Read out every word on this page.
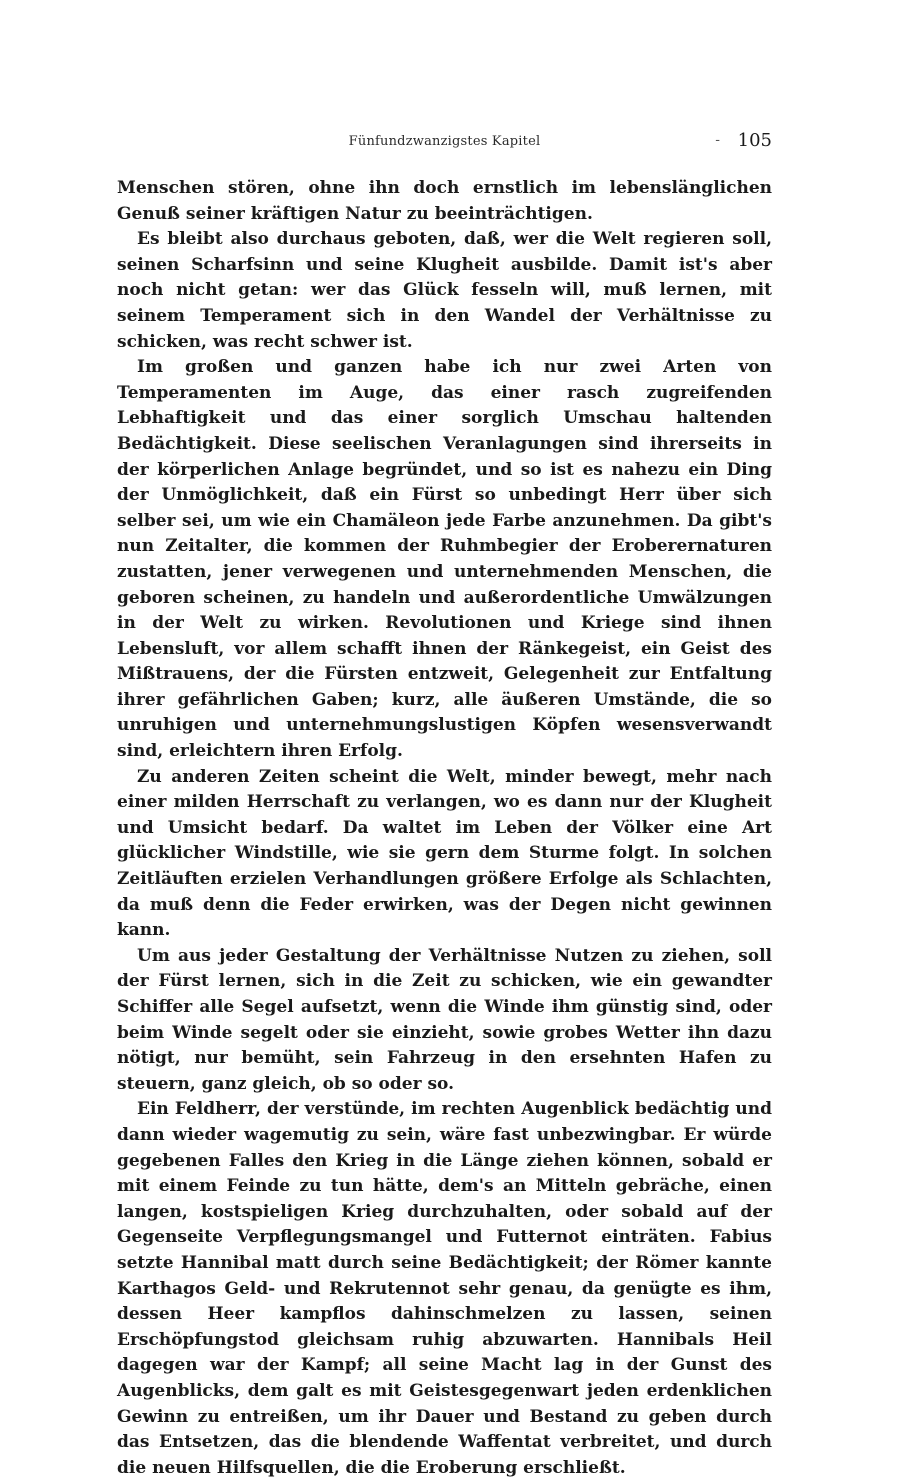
Fünfundzwanzigstes Kapitel	- 105

Menschen stören, ohne ihn doch ernstlich im lebenslänglichen Genuß seiner kräftigen Natur zu beeinträchtigen.

Es bleibt also durchaus geboten, daß, wer die Welt regieren soll, seinen Scharfsinn und seine Klugheit ausbilde. Damit ist's aber noch nicht getan: wer das Glück fesseln will, muß lernen, mit seinem Temperament sich in den Wandel der Verhältnisse zu schicken, was recht schwer ist.

Im großen und ganzen habe ich nur zwei Arten von Temperamenten im Auge, das einer rasch zugreifenden Lebhaftigkeit und das einer sorglich Umschau haltenden Bedächtigkeit. Diese seelischen Veranlagungen sind ihrerseits in der körperlichen Anlage begründet, und so ist es nahezu ein Ding der Unmöglichkeit, daß ein Fürst so unbedingt Herr über sich selber sei, um wie ein Chamäleon jede Farbe anzunehmen. Da gibt's nun Zeitalter, die kommen der Ruhmbegier der Eroberernaturen zustatten, jener verwegenen und unternehmenden Menschen, die geboren scheinen, zu handeln und außerordentliche Umwälzungen in der Welt zu wirken. Revolutionen und Kriege sind ihnen Lebensluft, vor allem schafft ihnen der Ränkegeist, ein Geist des Mißtrauens, der die Fürsten entzweit, Gelegenheit zur Entfaltung ihrer gefährlichen Gaben; kurz, alle äußeren Umstände, die so unruhigen und unternehmungslustigen Köpfen wesensverwandt sind, erleichtern ihren Erfolg.

Zu anderen Zeiten scheint die Welt, minder bewegt, mehr nach einer milden Herrschaft zu verlangen, wo es dann nur der Klugheit und Umsicht bedarf. Da waltet im Leben der Völker eine Art glücklicher Windstille, wie sie gern dem Sturme folgt. In solchen Zeitläuften erzielen Verhandlungen größere Erfolge als Schlachten, da muß denn die Feder erwirken, was der Degen nicht gewinnen kann.

Um aus jeder Gestaltung der Verhältnisse Nutzen zu ziehen, soll der Fürst lernen, sich in die Zeit zu schicken, wie ein gewandter Schiffer alle Segel aufsetzt, wenn die Winde ihm günstig sind, oder beim Winde segelt oder sie einzieht, sowie grobes Wetter ihn dazu nötigt, nur bemüht, sein Fahrzeug in den ersehnten Hafen zu steuern, ganz gleich, ob so oder so.

Ein Feldherr, der verstünde, im rechten Augenblick bedächtig und dann wieder wagemutig zu sein, wäre fast unbezwingbar. Er würde gegebenen Falles den Krieg in die Länge ziehen können, sobald er mit einem Feinde zu tun hätte, dem's an Mitteln gebräche, einen langen, kostspieligen Krieg durchzuhalten, oder sobald auf der Gegenseite Verpflegungsmangel und Futternot einträten. Fabius setzte Hannibal matt durch seine Bedächtigkeit; der Römer kannte Karthagos Geld- und Rekrutennot sehr genau, da genügte es ihm, dessen Heer kampflos dahinschmelzen zu lassen, seinen Erschöpfungstod gleichsam ruhig abzuwarten. Hannibals Heil dagegen war der Kampf; all seine Macht lag in der Gunst des Augenblicks, dem galt es mit Geistesgegenwart jeden erdenklichen Gewinn zu entreißen, um ihr Dauer und Bestand zu geben durch das Entsetzen, das die blendende Waffentat verbreitet, und durch die neuen Hilfsquellen, die die Eroberung erschließt.
